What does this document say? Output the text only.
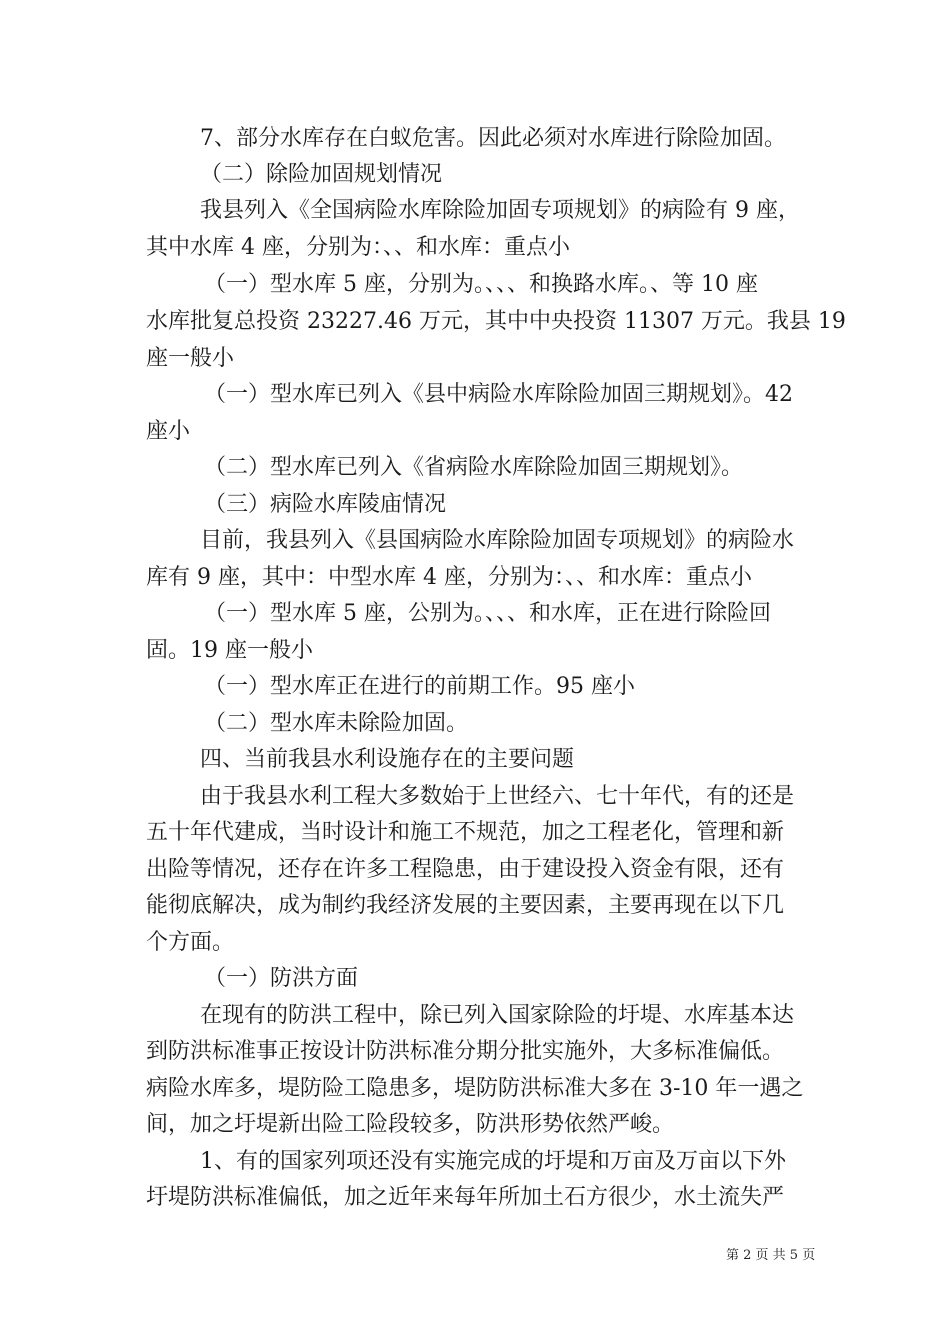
7、部分水库存在白蚁危害。因此必须对水库进行除险加固。
（二）除险加固规划情况
我县列入《全国病险水库除险加固专项规划》的病险有 9 座，
其中水库 4 座，分别为：、、和水库：重点小
（一）型水库 5 座，分别为。、、、和换路水库。、等 10 座
水库批复总投资 23227.46 万元，其中中央投资 11307 万元。我县 19
座一般小
（一）型水库已列入《县中病险水库除险加固三期规划》。42
座小
（二）型水库已列入《省病险水库除险加固三期规划》。
（三）病险水库陵庙情况
目前，我县列入《县国病险水库除险加固专项规划》的病险水
库有 9 座，其中：中型水库 4 座，分别为：、、和水库：重点小
（一）型水库 5 座，公别为。、、、和水库，正在进行除险回
固。19 座一般小
（一）型水库正在进行的前期工作。95 座小
（二）型水库未除险加固。
四、当前我县水利设施存在的主要问题
由于我县水利工程大多数始于上世经六、七十年代，有的还是
五十年代建成，当时设计和施工不规范，加之工程老化，管理和新
出险等情况，还存在许多工程隐患，由于建设投入资金有限，还有
能彻底解决，成为制约我经济发展的主要因素，主要再现在以下几
个方面。
（一）防洪方面
在现有的防洪工程中，除已列入国家除险的圩堤、水库基本达
到防洪标准事正按设计防洪标准分期分批实施外，大多标准偏低。
病险水库多，堤防险工隐患多，堤防防洪标准大多在 3-10 年一遇之
间，加之圩堤新出险工险段较多，防洪形势依然严峻。
1、有的国家列项还没有实施完成的圩堤和万亩及万亩以下外
圩堤防洪标准偏低，加之近年来每年所加土石方很少，水土流失严
第 2 页 共 5 页
